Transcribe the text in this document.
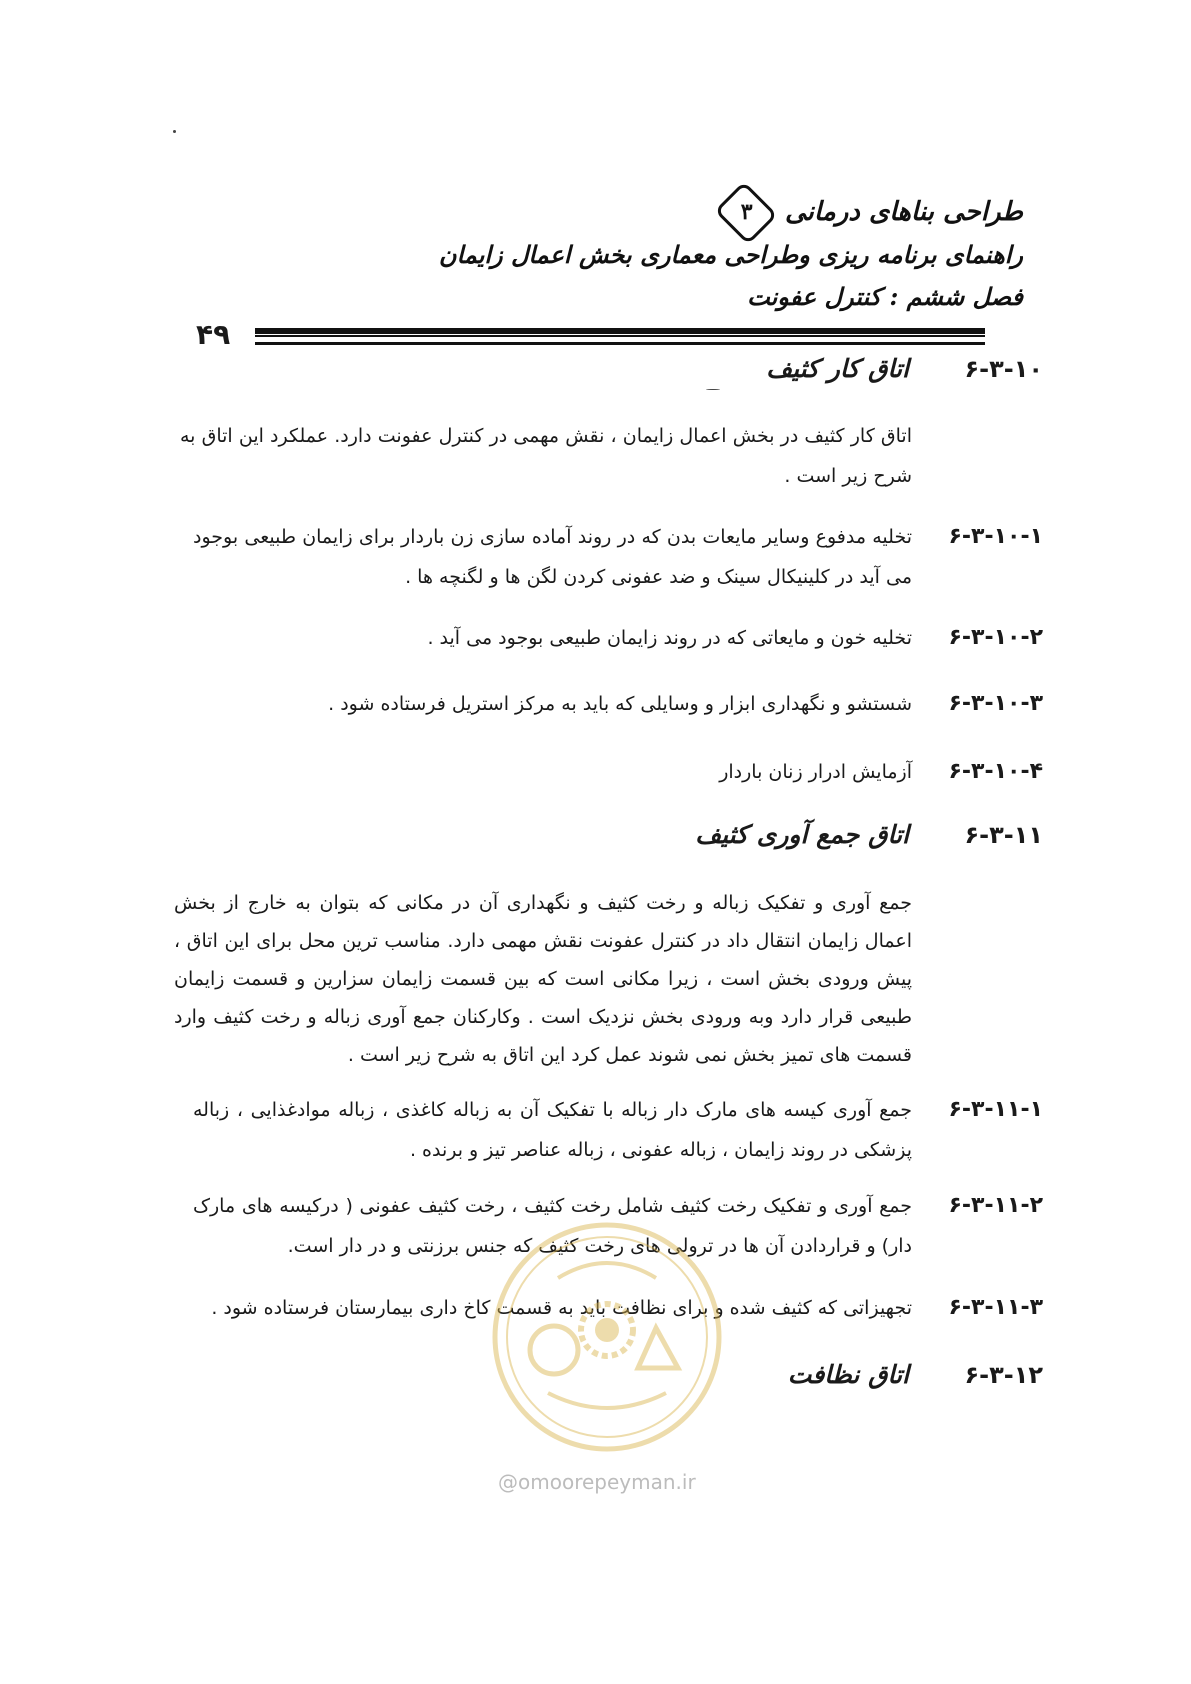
طراحی بناهای درمانی ۳
راهنمای برنامه ریزی وطراحی معماری بخش اعمال زایمان
فصل ششم : کنترل عفونت
۴۹
۶-۳-۱۰اتاق کار کثیف
اتاق کار کثیف در بخش اعمال زایمان ، نقش مهمی در کنترل عفونت دارد. عملکرد این اتاق به شرح زیر است .
۶-۳-۱۰-۱
تخلیه مدفوع وسایر مایعات بدن که در روند آماده سازی زن باردار برای زایمان طبیعی بوجود می آید در کلینیکال سینک و ضد عفونی کردن لگن ها و لگنچه ها .
۶-۳-۱۰-۲
تخلیه خون و مایعاتی که در روند زایمان طبیعی بوجود می آید .
۶-۳-۱۰-۳
شستشو و نگهداری ابزار و وسایلی که باید به مرکز استریل فرستاده شود .
۶-۳-۱۰-۴
آزمایش ادرار زنان باردار
۶-۳-۱۱اتاق جمع آوری کثیف
جمع آوری و تفکیک زباله و رخت کثیف و نگهداری آن در مکانی که بتوان به خارج از بخش اعمال زایمان انتقال داد در کنترل عفونت نقش مهمی دارد. مناسب ترین محل برای این اتاق ، پیش ورودی بخش است ، زیرا مکانی است که بین قسمت زایمان سزارین و قسمت زایمان طبیعی قرار دارد وبه ورودی بخش نزدیک است . وکارکنان جمع آوری زباله و رخت کثیف وارد قسمت های تمیز بخش نمی شوند عمل کرد این اتاق به شرح زیر است .
۶-۳-۱۱-۱
جمع آوری کیسه های مارک دار زباله با تفکیک آن به زباله کاغذی ، زباله موادغذایی ، زباله پزشکی در روند زایمان ، زباله عفونی ، زباله عناصر تیز و برنده .
۶-۳-۱۱-۲
جمع آوری و تفکیک رخت کثیف شامل رخت کثیف ، رخت کثیف عفونی ( درکیسه های مارک دار) و قراردادن آن ها در ترولی های رخت کثیف که جنس برزنتی و در دار است.
۶-۳-۱۱-۳
تجهیزاتی که کثیف شده و برای نظافت باید به قسمت کاخ داری بیمارستان فرستاده شود .
۶-۳-۱۲اتاق نظافت
@omoorepeyman.ir
